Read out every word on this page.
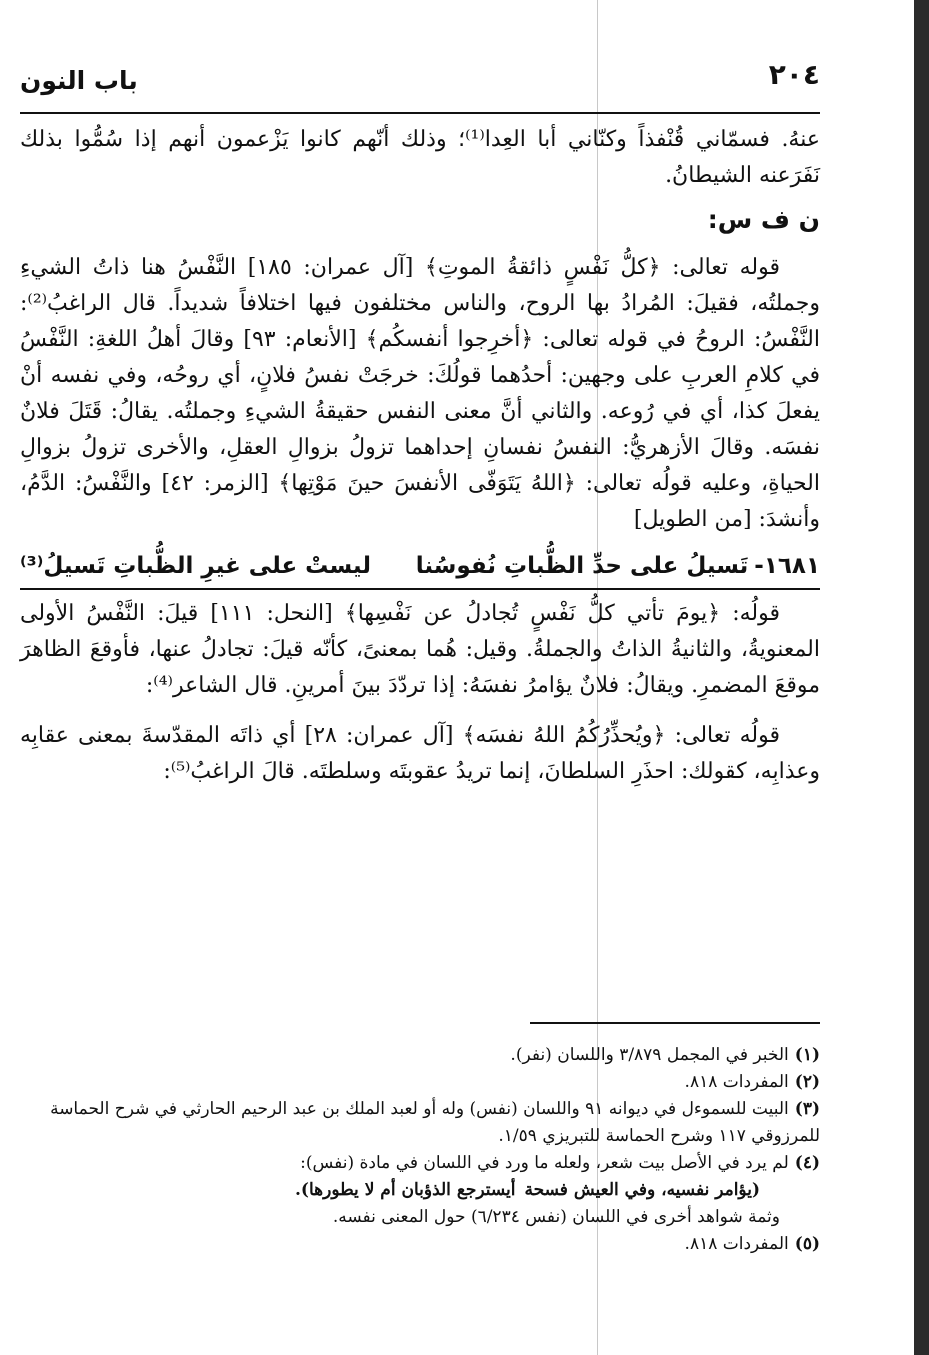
٢٠٤
باب النون

عنهُ. فسمّاني قُنْفذاً وكنّاني أبا العِدا⁽¹⁾؛ وذلك أنّهم كانوا يَزْعمون أنهم إذا سُمُّوا بذلك نَفَرَعنه الشيطانُ.

ن ف س:

قوله تعالى: ﴿كلُّ نَفْسٍ ذائقةُ الموتِ﴾ [آل عمران: ١٨٥] النَّفْسُ هنا ذاتُ الشيءِ وجملتُه، فقيلَ: المُرادُ بها الروح، والناس مختلفون فيها اختلافاً شديداً. قال الراغبُ⁽²⁾: النَّفْسُ: الروحُ في قوله تعالى: ﴿أخرِجوا أنفسكُم﴾ [الأنعام: ٩٣] وقالَ أهلُ اللغةِ: النَّفْسُ في كلامِ العربِ على وجهين: أحدُهما قولُكَ: خرجَتْ نفسُ فلانٍ، أي روحُه، وفي نفسه أنْ يفعلَ كذا، أي في رُوعه. والثاني أنَّ معنى النفس حقيقةُ الشيءِ وجملتُه. يقالُ: قَتَلَ فلانٌ نفسَه. وقالَ الأزهريُّ: النفسُ نفسانِ إحداهما تزولُ بزوالِ العقلِ، والأخرى تزولُ بزوالِ الحياةِ، وعليه قولُه تعالى: ﴿اللهُ يَتَوَفّى الأنفسَ حينَ مَوْتِها﴾ [الزمر: ٤٢] والنَّفْسُ: الدَّمُ، وأنشدَ: [من الطويل]

١٦٨١-
تَسيلُ على حدِّ الظُّباتِ نُفوسُنا
ليستْ على غيرِ الظُّباتِ تَسيلُ⁽³⁾

قولُه: ﴿يومَ تأتي كلُّ نَفْسٍ تُجادلُ عن نَفْسِها﴾ [النحل: ١١١] قيلَ: النَّفْسُ الأولى المعنويةُ، والثانيةُ الذاتُ والجملةُ. وقيل: هُما بمعنىً، كأنّه قيلَ: تجادلُ عنها، فأوقعَ الظاهرَ موقعَ المضمرِ. ويقالُ: فلانٌ يؤامرُ نفسَهُ: إذا تردّدَ بينَ أمرينِ. قال الشاعر⁽⁴⁾:

قولُه تعالى: ﴿ويُحذِّرُكُمُ اللهُ نفسَه﴾ [آل عمران: ٢٨] أي ذاتَه المقدّسةَ بمعنى عقابِه وعذابِه، كقولك: احذَرِ السلطانَ، إنما تريدُ عقوبتَه وسلطتَه. قالَ الراغبُ⁽⁵⁾:

(١)الخبر في المجمل ٣/٨٧٩ واللسان (نفر).

(٢)المفردات ٨١٨.

(٣)البيت للسموءل في ديوانه ٩١ واللسان (نفس) وله أو لعبد الملك بن عبد الرحيم الحارثي في شرح الحماسة للمرزوقي ١١٧ وشرح الحماسة للتبريزي ١/٥٩.

(٤)لم يرد في الأصل بيت شعر، ولعله ما ورد في اللسان في مادة (نفس):

(يؤامر نفسيه، وفي العيش فسحة
أيسترجع الذؤبان أم لا يطورها).

وثمة شواهد أخرى في اللسان (نفس ٦/٢٣٤) حول المعنى نفسه.

(٥)المفردات ٨١٨.
